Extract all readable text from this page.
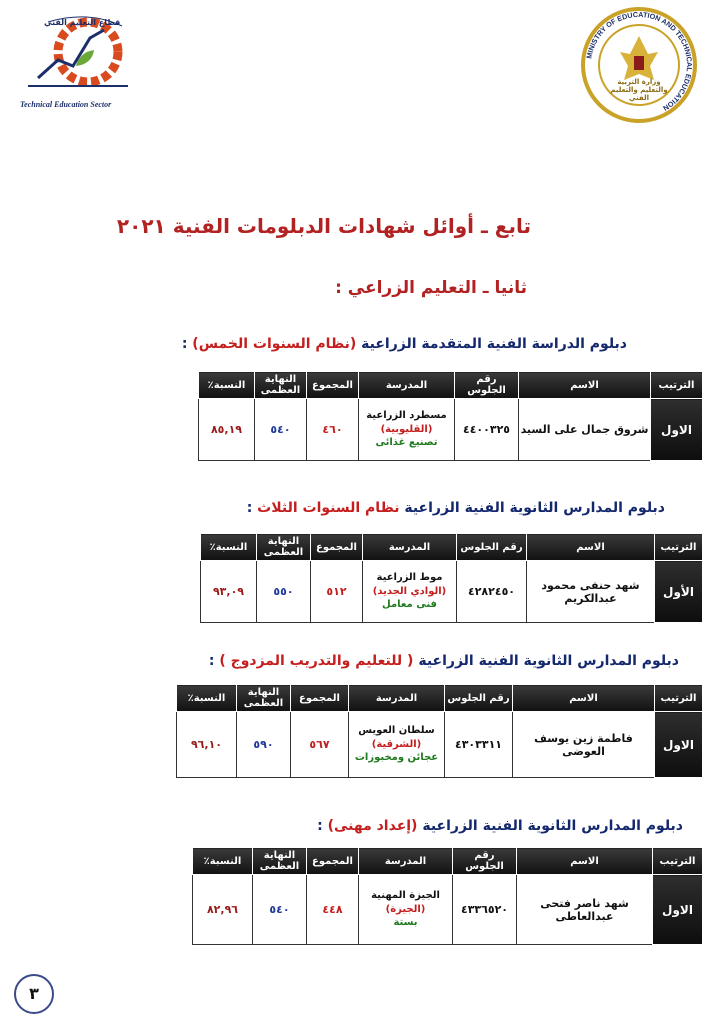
قطاع التعليم الفني
Technical Education Sector
MINISTRY OF EDUCATION AND TECHNICAL EDUCATION
وزارة التربية والتعليم والتعليم الفني
تابع ـ أوائل شهادات الدبلومات الفنية ٢٠٢١
ثانيا ـ التعليم الزراعي :
دبلوم الدراسة الفنية المتقدمة الزراعية (نظام السنوات الخمس) :
الترتيب	الاسم	رقم الجلوس	المدرسة	المجموع	النهاية العظمى	النسبة٪
الاول	شروق جمال على السيد	٤٤٠٠٣٢٥	مسطرد الزراعية
(القليوبية)
تصنيع غذائى	٤٦٠	٥٤٠	٨٥,١٩
دبلوم المدارس الثانوية الفنية الزراعية نظام السنوات الثلاث :
الترتيب	الاسم	رقم الجلوس	المدرسة	المجموع	النهاية العظمى	النسبة٪
الأول	شهد حنفى محمود عبدالكريم	٤٢٨٢٤٥٠	موط الزراعية
(الوادي الجديد)
فنى معامل	٥١٢	٥٥٠	٩٣,٠٩
دبلوم المدارس الثانوية الفنية الزراعية ( للتعليم والتدريب المزدوج ) :
الترتيب	الاسم	رقم الجلوس	المدرسة	المجموع	النهاية العظمى	النسبة٪
الاول	فاطمة زين يوسف العوضى	٤٣٠٣٣١١	سلطان العويس
(الشرقية)
عجائن ومخبوزات	٥٦٧	٥٩٠	٩٦,١٠
دبلوم المدارس الثانوية الفنية الزراعية (إعداد مهنى) :
الترتيب	الاسم	رقم الجلوس	المدرسة	المجموع	النهاية العظمى	النسبة٪
الاول	شهد ناصر فتحى عبدالعاطى	٤٣٣٦٥٢٠	الجيزة المهنية
(الجيزة)
بستة	٤٤٨	٥٤٠	٨٢,٩٦
٣
